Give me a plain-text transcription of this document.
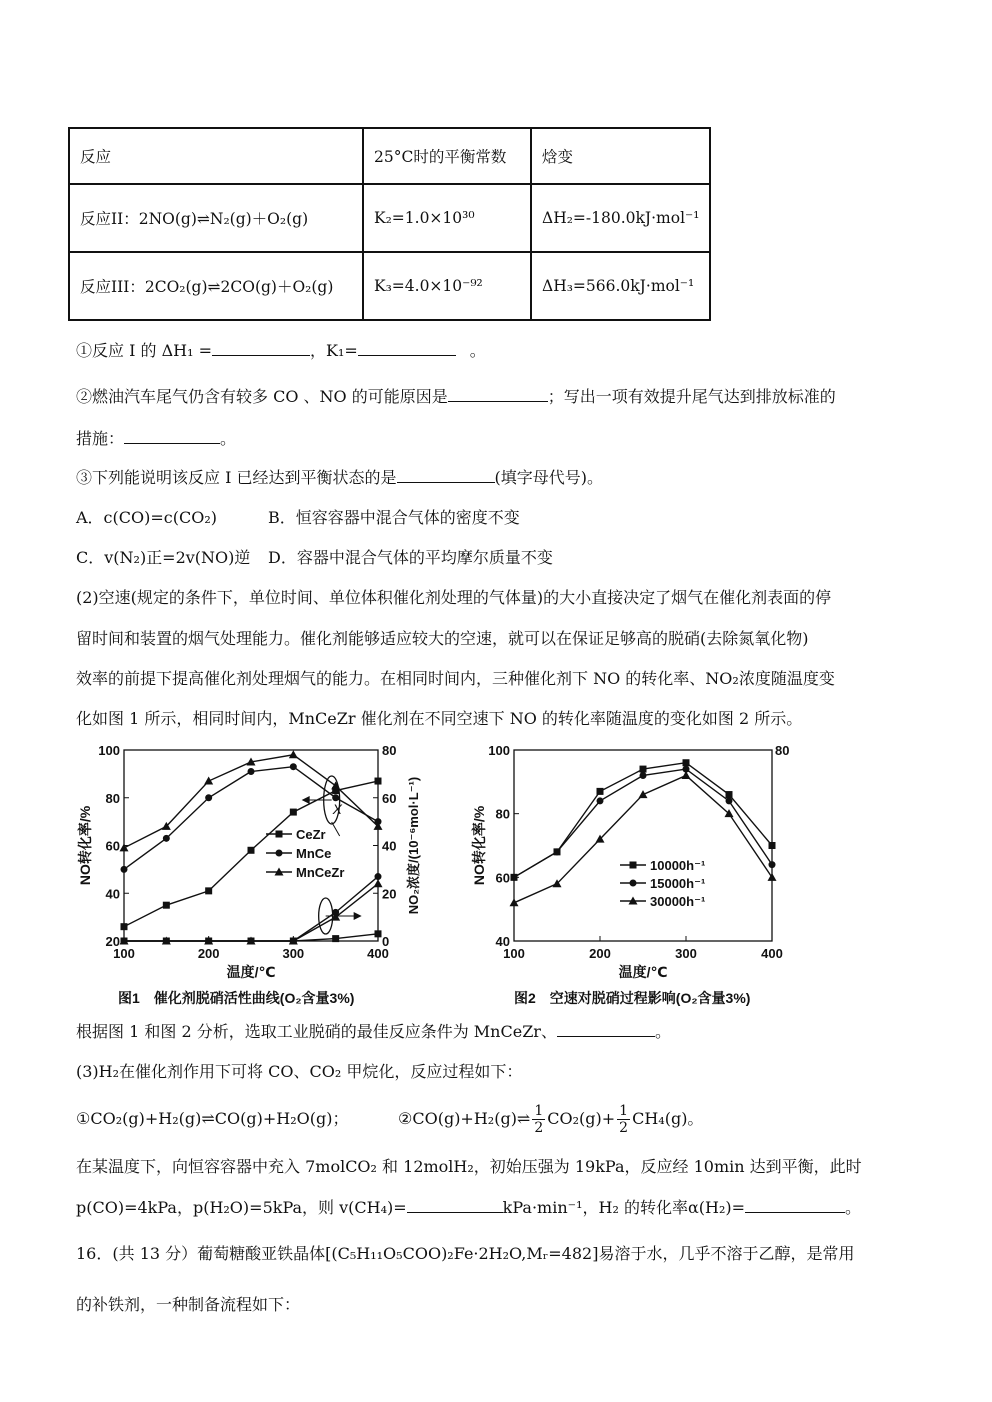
反应	25°C时的平衡常数	焓变
反应II：2NO(g)⇌N₂(g)＋O₂(g)	K₂=1.0×10³⁰	ΔH₂=-180.0kJ·mol⁻¹
反应III：2CO₂(g)⇌2CO(g)＋O₂(g)	K₃=4.0×10⁻⁹²	ΔH₃=566.0kJ·mol⁻¹
①反应 I 的 ΔH₁ =	，K₁=	。
②燃油汽车尾气仍含有较多 CO 、NO 的可能原因是	；写出一项有效提升尾气达到排放标准的
措施：	。
③下列能说明该反应 I 已经达到平衡状态的是	(填字母代号)。
A．c(CO)=c(CO₂)	B．恒容容器中混合气体的密度不变
C．v(N₂)正=2v(NO)逆 D．容器中混合气体的平均摩尔质量不变
(2)空速(规定的条件下，单位时间、单位体积催化剂处理的气体量)的大小直接决定了烟气在催化剂表面的停
留时间和装置的烟气处理能力。催化剂能够适应较大的空速，就可以在保证足够高的脱硝(去除氮氧化物)
效率的前提下提高催化剂处理烟气的能力。在相同时间内，三种催化剂下 NO 的转化率、NO₂浓度随温度变
化如图 1 所示，相同时间内，MnCeZr 催化剂在不同空速下 NO 的转化率随温度的变化如图 2 所示。
100	200	300	400
20
40
60
80
100
0
20
40
60
80
温度/℃
NO转化率/%	NO₂浓度/(10⁻⁶mol·L⁻¹)
图1　催化剂脱硝活性曲线(O₂含量3%)
CeZr
MnCe
MnCeZr
X
100	200	300	400
40
60
80
100	80
温度/℃
NO转化率/%
图2　空速对脱硝过程影响(O₂含量3%)
10000h⁻¹
15000h⁻¹
30000h⁻¹
根据图 1 和图 2 分析，选取工业脱硝的最佳反应条件为 MnCeZr、	。
(3)H₂在催化剂作用下可将 CO、CO₂ 甲烷化，反应过程如下：
①CO₂(g)+H₂(g)⇌CO(g)+H₂O(g)；	②CO(g)+H₂(g)⇌ $\frac{1}{2} CO_2(g)+ \frac{1}{2} CH_4(g)$。
在某温度下，向恒容容器中充入 7molCO₂ 和 12molH₂，初始压强为 19kPa，反应经 10min 达到平衡，此时
p(CO)=4kPa，p(H₂O)=5kPa，则 v(CH₄)=	kPa·min⁻¹，H₂ 的转化率α(H₂)=	。
16．(共 13 分）葡萄糖酸亚铁晶体[(C₅H₁₁O₅COO)₂Fe·2H₂O,Mᵣ=482]易溶于水，几乎不溶于乙醇，是常用
的补铁剂，一种制备流程如下：
